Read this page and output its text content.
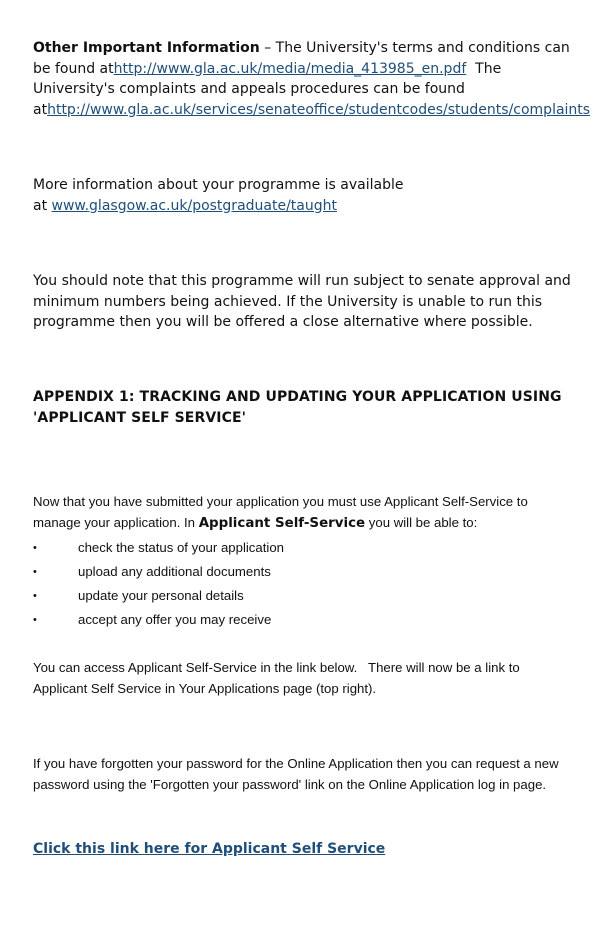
Other Important Information – The University's terms and conditions can be found athttp://www.gla.ac.uk/media/media_413985_en.pdf  The University's complaints and appeals procedures can be found athttp://www.gla.ac.uk/services/senateoffice/studentcodes/students/complaints

More information about your programme is available
at www.glasgow.ac.uk/postgraduate/taught

You should note that this programme will run subject to senate approval and minimum numbers being achieved. If the University is unable to run this programme then you will be offered a close alternative where possible.

APPENDIX 1: TRACKING AND UPDATING YOUR APPLICATION USING
'APPLICANT SELF SERVICE'

Now that you have submitted your application you must use Applicant Self-Service to manage your application. In Applicant Self-Service you will be able to:

•	check the status of your application
•	upload any additional documents
•	update your personal details
•	accept any offer you may receive

You can access Applicant Self-Service in the link below.   There will now be a link to Applicant Self Service in Your Applications page (top right).

If you have forgotten your password for the Online Application then you can request a new password using the 'Forgotten your password' link on the Online Application log in page.

Click this link here for Applicant Self Service
